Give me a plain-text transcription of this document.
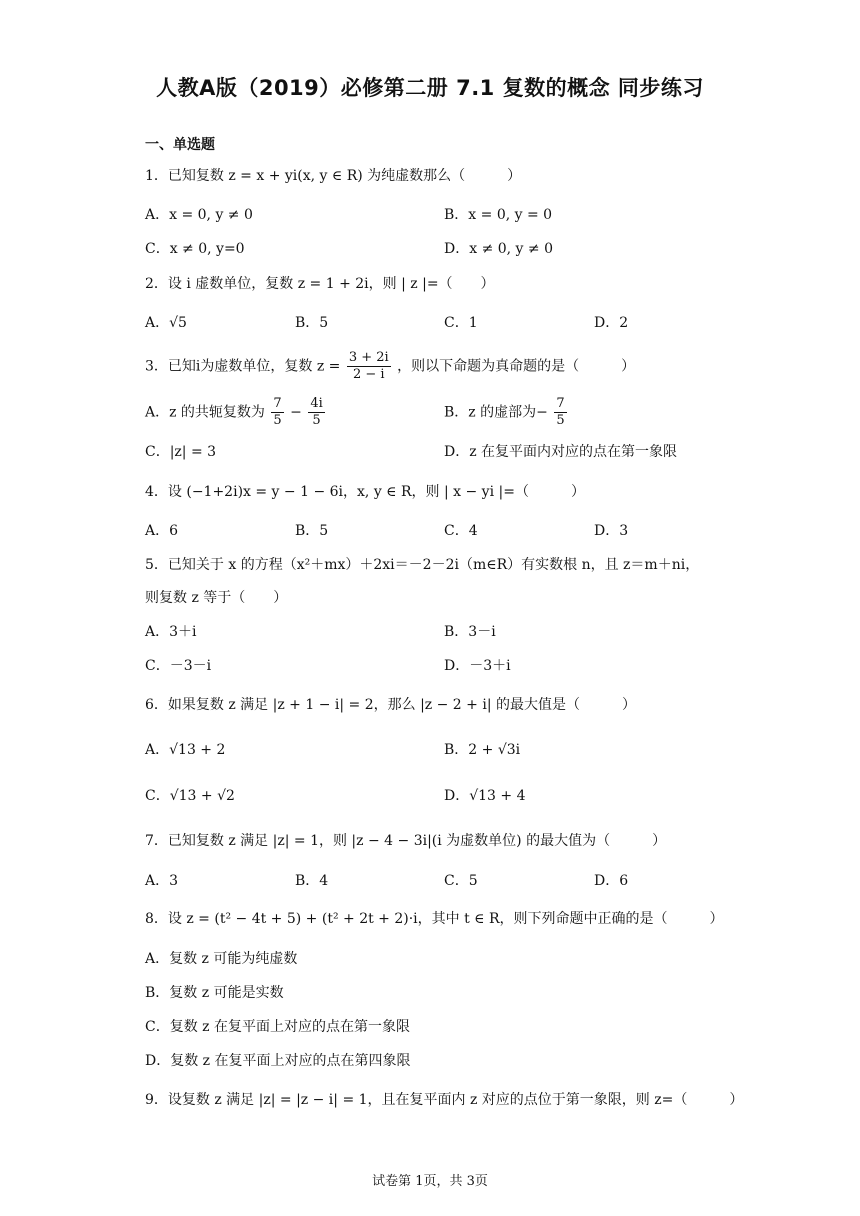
人教A版（2019）必修第二册 7.1 复数的概念 同步练习
一、单选题
1．已知复数 z = x + yi(x, y ∈ R) 为纯虚数那么（　　　）
A．x = 0, y ≠ 0	B．x = 0, y = 0
C．x ≠ 0, y=0	D．x ≠ 0, y ≠ 0
2．设 i 虚数单位，复数 z = 1 + 2i，则 | z |=（　　）
A．√5	B．5	C．1	D．2
3．已知i为虚数单位，复数 $z = \frac{3 + 2i}{2 - i}$ ，则以下命题为真命题的是（　　　）
A．z 的共轭复数为 $\frac{7}{5} - \frac{4i}{5}$	B．z 的虚部为− $\frac{7}{5}$
C．|z| = 3	D．z 在复平面内对应的点在第一象限
4．设 (−1+2i)x = y − 1 − 6i，x, y ∈ R，则 | x − yi |=（　　　）
A．6	B．5	C．4	D．3
5．已知关于 x 的方程（x²＋mx）＋2xi＝－2－2i（m∈R）有实数根 n，且 z＝m＋ni，
则复数 z 等于（　　）
A．3＋i	B．3－i
C．－3－i	D．－3＋i
6．如果复数 z 满足 |z + 1 − i| = 2，那么 |z − 2 + i| 的最大值是（　　　）
A．√13 + 2	B．2 + √3i
C．√13 + √2	D．√13 + 4
7．已知复数 z 满足 |z| = 1，则 |z − 4 − 3i|(i 为虚数单位) 的最大值为（　　　）
A．3	B．4	C．5	D．6
8．设 z = (t² − 4t + 5) + (t² + 2t + 2)·i，其中 t ∈ R，则下列命题中正确的是（　　　）
A．复数 z 可能为纯虚数
B．复数 z 可能是实数
C．复数 z 在复平面上对应的点在第一象限
D．复数 z 在复平面上对应的点在第四象限
9．设复数 z 满足 |z| = |z − i| = 1，且在复平面内 z 对应的点位于第一象限，则 z=（　　　）
试卷第 1页，共 3页
